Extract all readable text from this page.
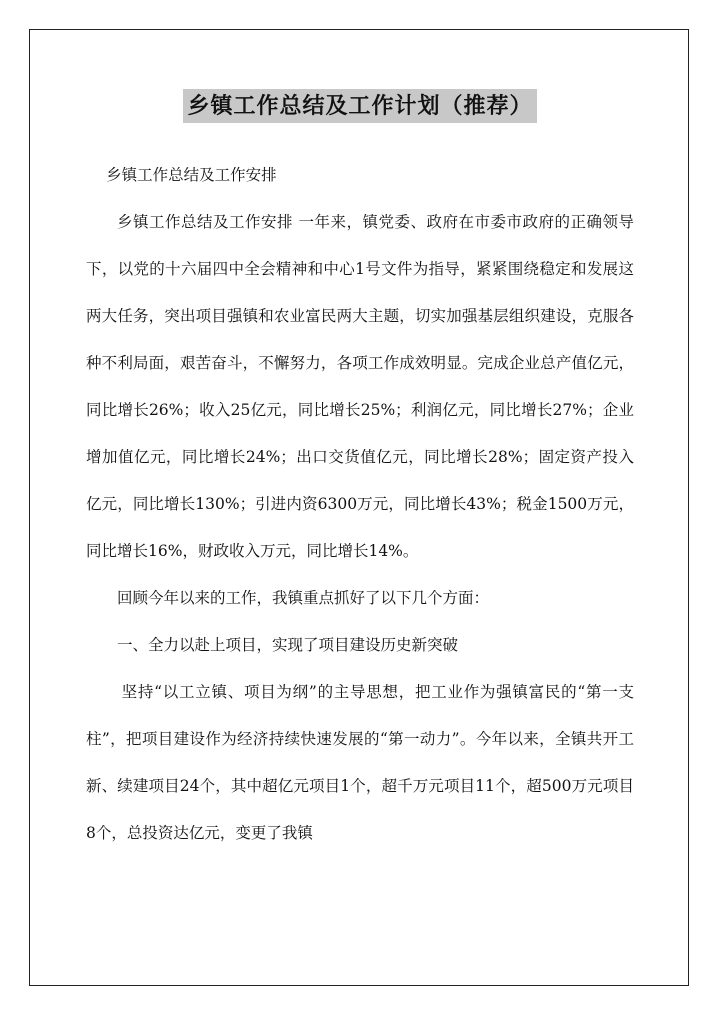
乡镇工作总结及工作计划（推荐）

乡镇工作总结及工作安排

乡镇工作总结及工作安排 一年来，镇党委、政府在市委市政府的正确领导下，以党的十六届四中全会精神和中心1号文件为指导，紧紧围绕稳定和发展这两大任务，突出项目强镇和农业富民两大主题，切实加强基层组织建设，克服各种不利局面，艰苦奋斗，不懈努力，各项工作成效明显。完成企业总产值亿元，同比增长26%；收入25亿元，同比增长25%；利润亿元，同比增长27%；企业增加值亿元，同比增长24%；出口交货值亿元，同比增长28%；固定资产投入亿元，同比增长130%；引进内资6300万元，同比增长43%；税金1500万元，同比增长16%，财政收入万元，同比增长14%。

回顾今年以来的工作，我镇重点抓好了以下几个方面：

一、全力以赴上项目，实现了项目建设历史新突破

坚持“以工立镇、项目为纲”的主导思想，把工业作为强镇富民的“第一支柱”，把项目建设作为经济持续快速发展的“第一动力”。今年以来，全镇共开工新、续建项目24个，其中超亿元项目1个，超千万元项目11个，超500万元项目8个，总投资达亿元，变更了我镇
